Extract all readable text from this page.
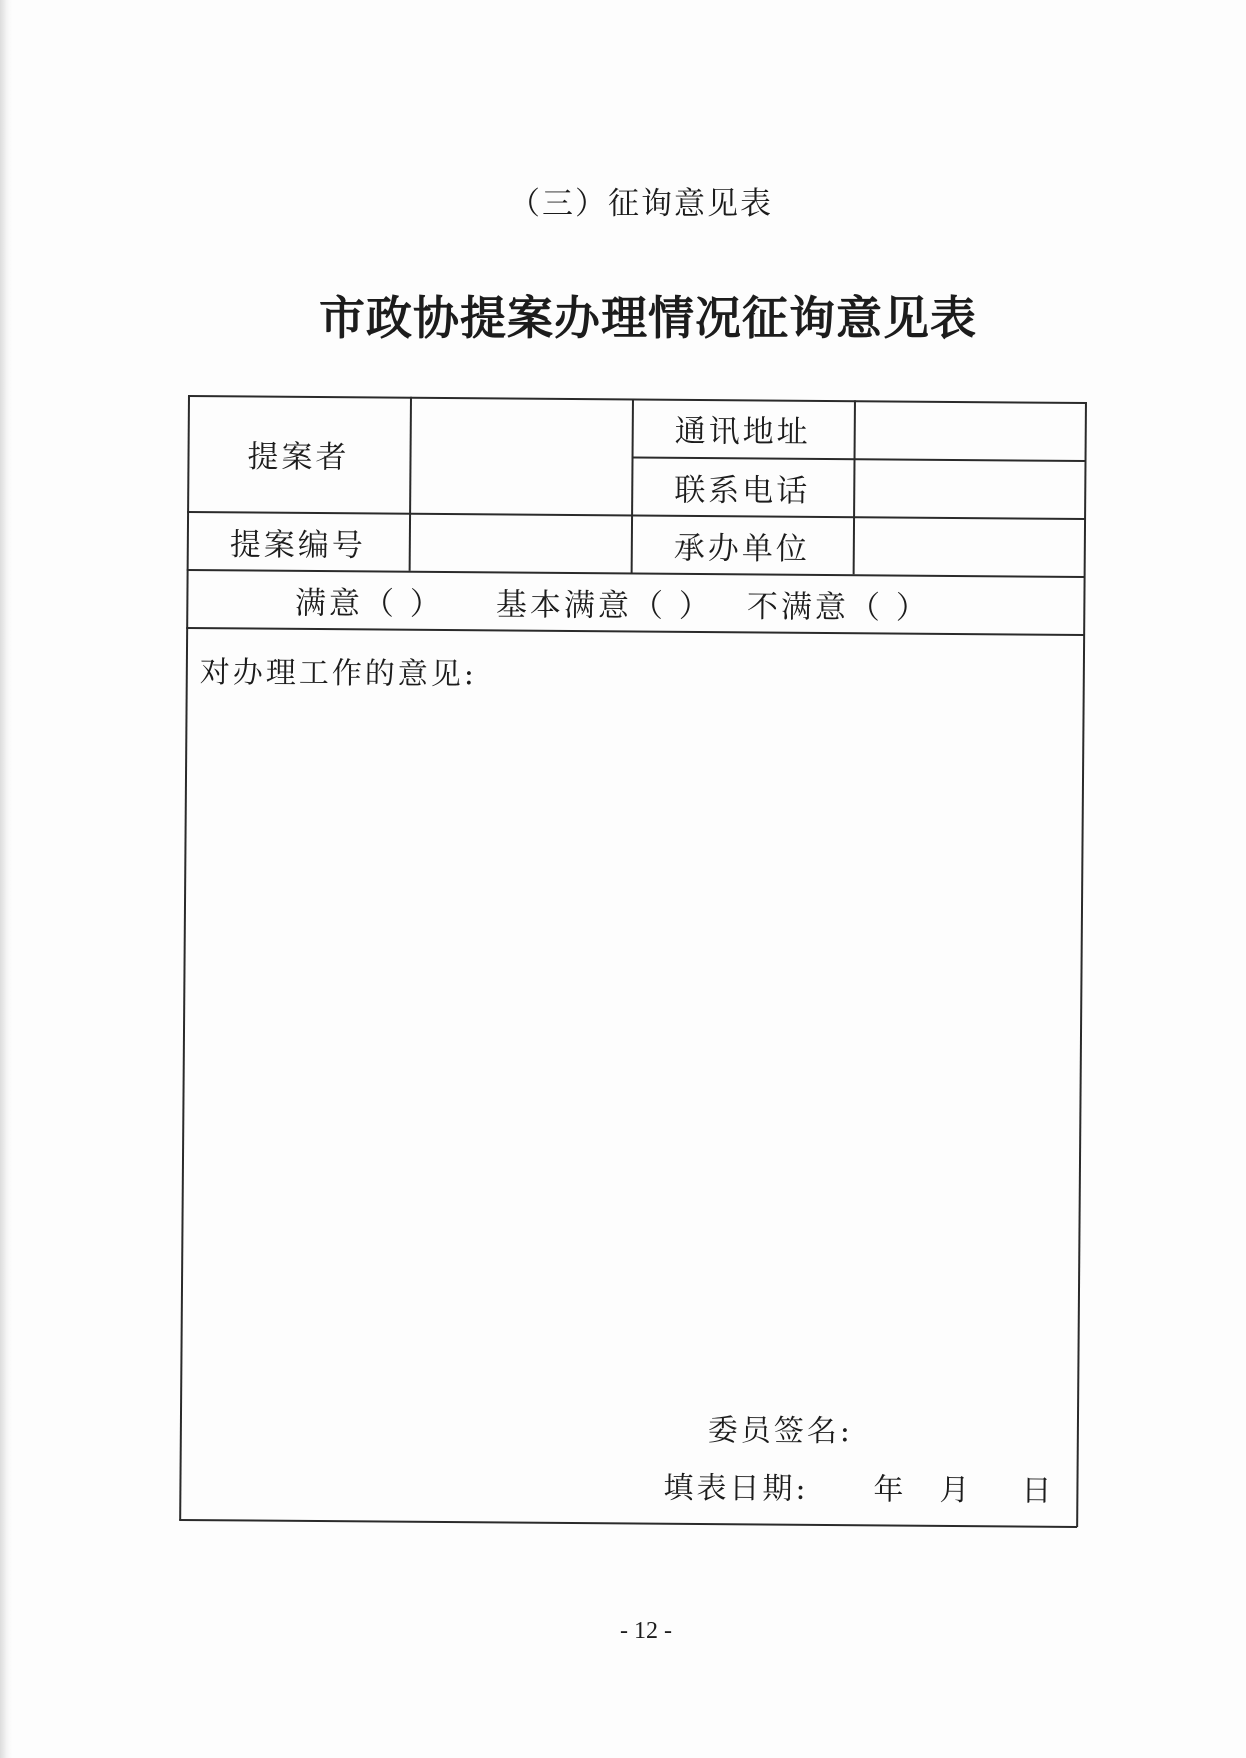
（三）征询意见表
市政协提案办理情况征询意见表
提案者
通讯地址
联系电话
提案编号	承办单位
满意（ ） 基本满意（ ） 不满意（ ）
对办理工作的意见:
委员签名:
填表日期: 年 月 日
- 12 -
